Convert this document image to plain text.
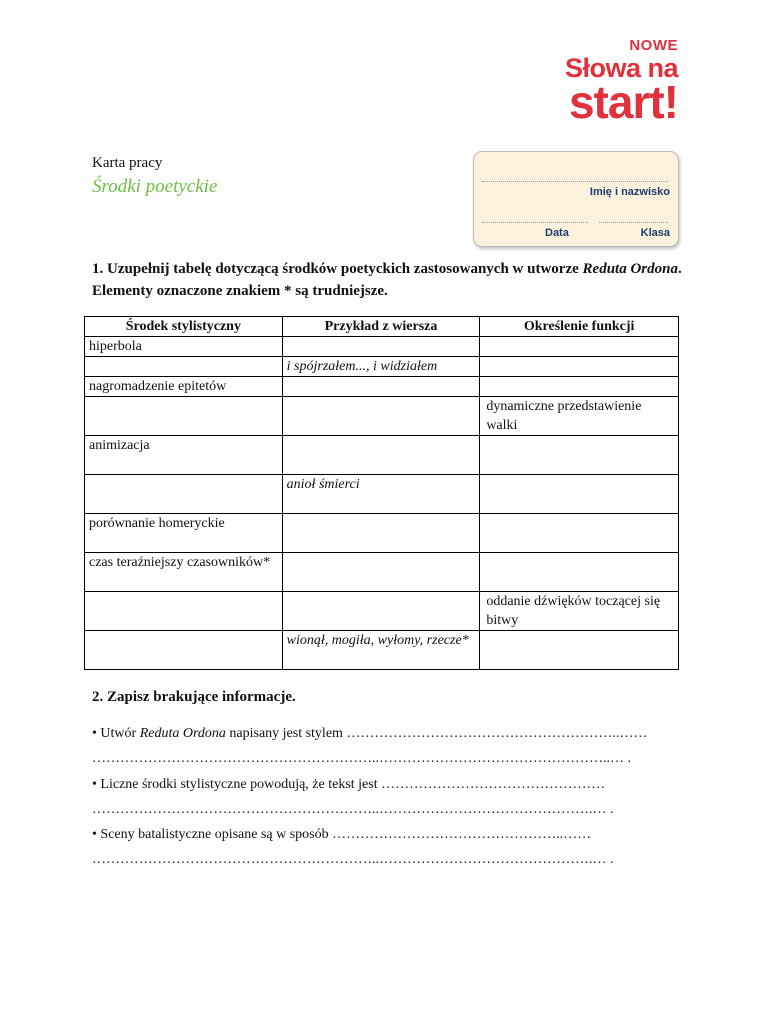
NOWE
Słowa na
start!
Karta pracy
Środki poetyckie	Imię i nazwisko
Data	Klasa
1. Uzupełnij tabelę dotyczącą środków poetyckich zastosowanych w utworze Reduta Ordona. Elementy oznaczone znakiem * są trudniejsze.
Środek stylistyczny	Przykład z wiersza	Określenie funkcji
hiperbola		
	i spójrzałem..., i widziałem	
nagromadzenie epitetów		
		dynamiczne przedstawienie walki
animizacja		
	anioł śmierci	
porównanie homeryckie		
czas teraźniejszy czasowników*		
		oddanie dźwięków toczącej się bitwy
	wionął, mogiła, wyłomy, rzecze*	
2. Zapisz brakujące informacje.
• Utwór Reduta Ordona napisany jest stylem …………………………………………………..……
……………………………………………………..…………………………………………..… .
• Liczne środki stylistyczne powodują, że tekst jest …………………………………………
……………………………………………………..……………………………………….… .
• Sceny batalistyczne opisane są w sposób …………………………………………..……
……………………………………………………..……………………………………….… .
